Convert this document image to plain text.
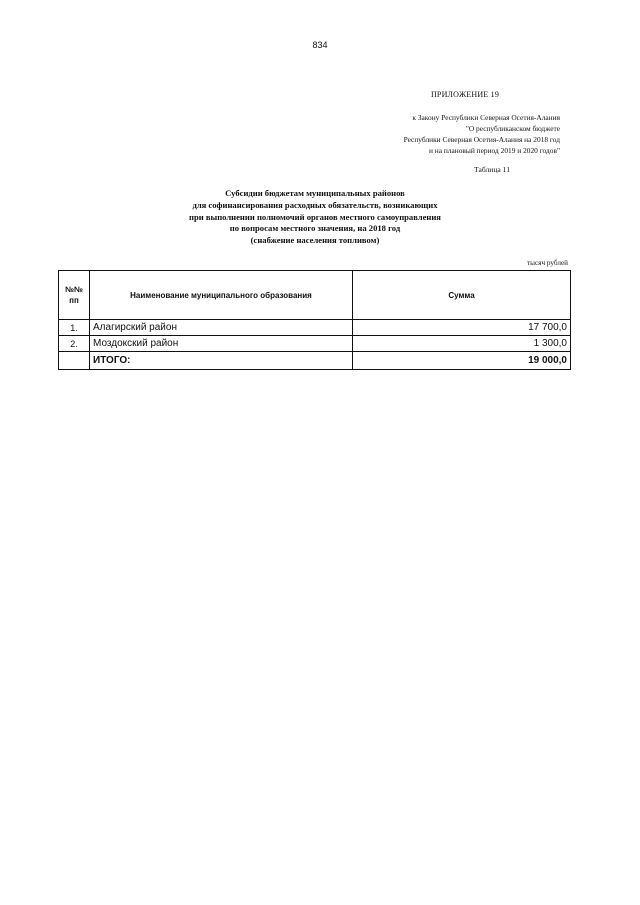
834
ПРИЛОЖЕНИЕ 19
к Закону Республики Северная Осетия-Алания
"О республиканском бюджете
Республики Северная Осетия-Алания на 2018 год
и на плановый период 2019 и 2020 годов"
Таблица 11
Субсидии бюджетам муниципальных районов
для софинансирования расходных обязательств, возникающих
при выполнении полномочий органов местного самоуправления
по вопросам местного значения, на 2018 год
(снабжение населения топливом)
тысяч рублей
№№
пп	Наименование муниципального образования	Сумма
1.	Алагирский район	17 700,0
2.	Моздокский район	1 300,0
	ИТОГО:	19 000,0
